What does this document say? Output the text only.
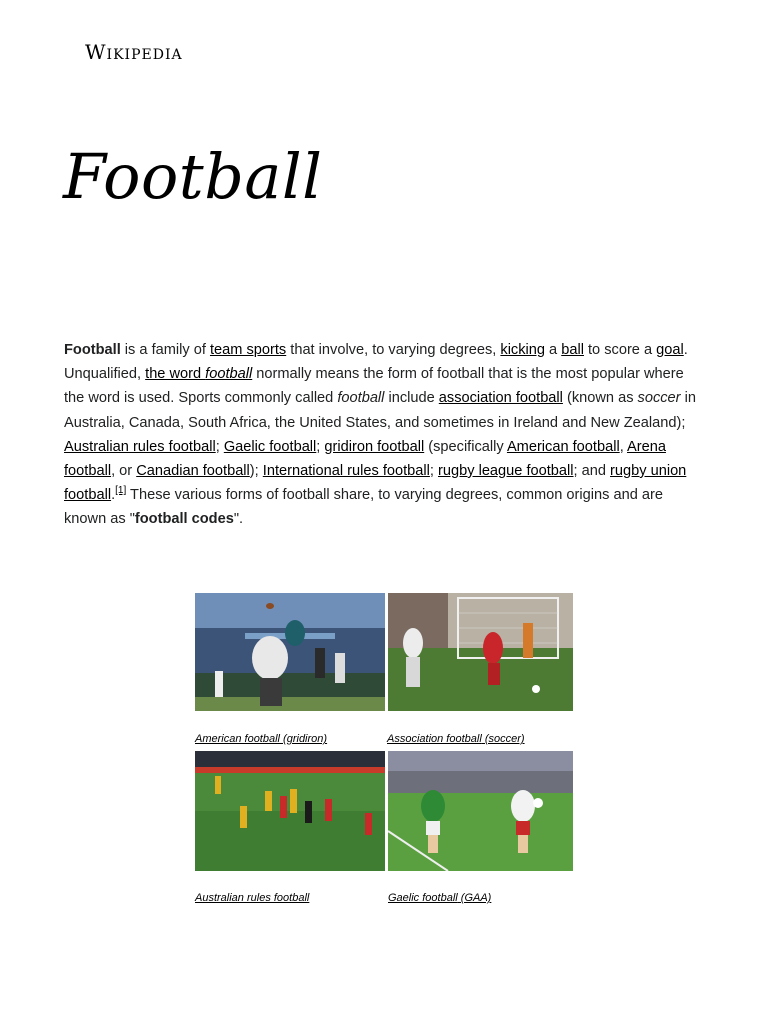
Wikipedia
Football

Football is a family of team sports that involve, to varying degrees, kicking a ball to score a goal. Unqualified, the word football normally means the form of football that is the most popular where the word is used. Sports commonly called football include association football (known as soccer in Australia, Canada, South Africa, the United States, and sometimes in Ireland and New Zealand); Australian rules football; Gaelic football; gridiron football (specifically American football, Arena football, or Canadian football); International rules football; rugby league football; and rugby union football.[1] These various forms of football share, to varying degrees, common origins and are known as "football codes".

American football (gridiron)	Association football (soccer)
Australian rules football	Gaelic football (GAA)
